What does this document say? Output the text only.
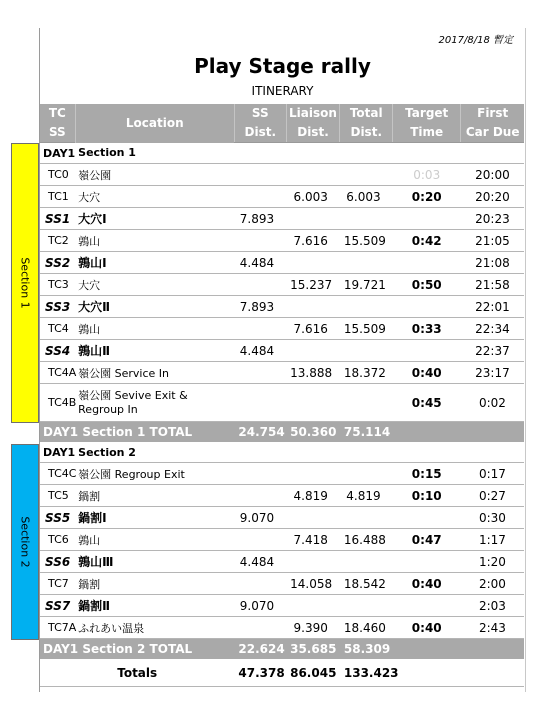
2017/8/18 暫定
Play Stage rally
ITINERARY
Section 1
Section 2
TC	Location	SS	Liaison	Total	Target	First
SS		Dist.	Dist.	Dist.	Time	Car Due
DAY1	Section 1					
TC0	嶺公園				0:03	20:00
TC1	大穴		6.003	6.003	0:20	20:20
SS1	大穴Ⅰ	7.893				20:23
TC2	鶉山		7.616	15.509	0:42	21:05
SS2	鶉山Ⅰ	4.484				21:08
TC3	大穴		15.237	19.721	0:50	21:58
SS3	大穴Ⅱ	7.893				22:01
TC4	鶉山		7.616	15.509	0:33	22:34
SS4	鶉山Ⅱ	4.484				22:37
TC4A	嶺公園 Service In		13.888	18.372	0:40	23:17
TC4B	嶺公園 Sevive Exit & Regroup In				0:45	0:02
DAY1 Section 1 TOTAL		24.754	50.360	75.114		
DAY1	Section 2					
TC4C	嶺公園 Regroup Exit				0:15	0:17
TC5	鍋割		4.819	4.819	0:10	0:27
SS5	鍋割Ⅰ	9.070				0:30
TC6	鶉山		7.418	16.488	0:47	1:17
SS6	鶉山Ⅲ	4.484				1:20
TC7	鍋割		14.058	18.542	0:40	2:00
SS7	鍋割Ⅱ	9.070				2:03
TC7A	ふれあい温泉		9.390	18.460	0:40	2:43
DAY1 Section 2 TOTAL		22.624	35.685	58.309		
Totals		47.378	86.045	133.423		
